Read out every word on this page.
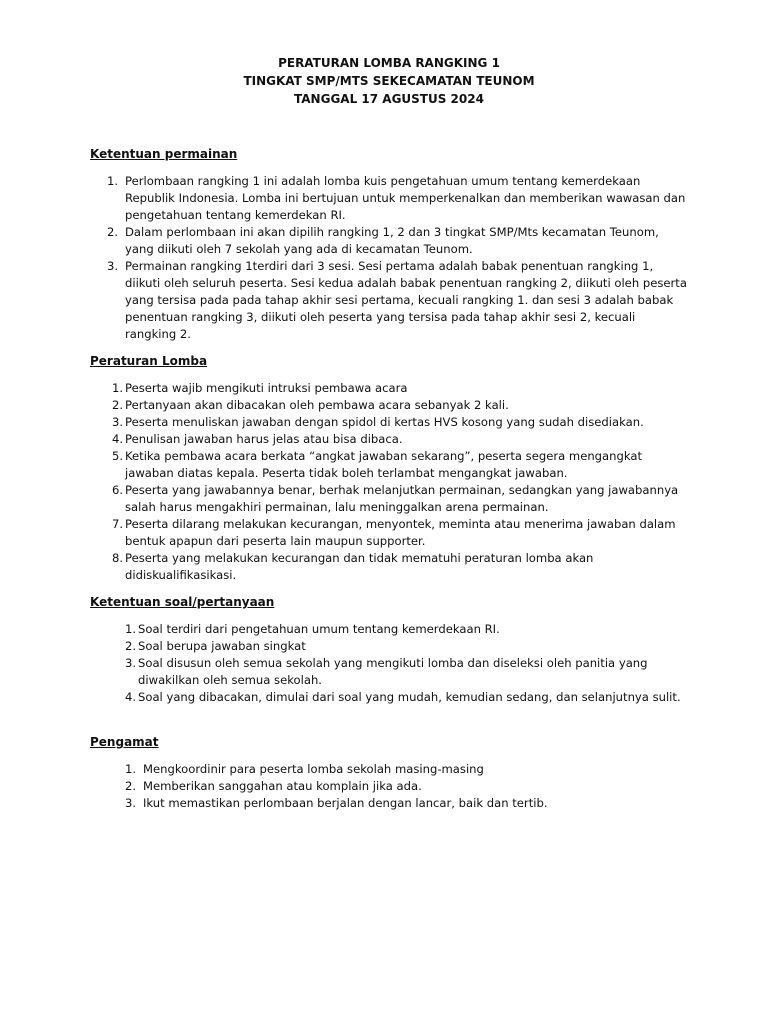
PERATURAN LOMBA RANGKING 1
TINGKAT SMP/MTS SEKECAMATAN TEUNOM
TANGGAL 17 AGUSTUS 2024
Ketentuan permainan
1. Perlombaan rangking 1 ini adalah lomba kuis pengetahuan umum tentang kemerdekaan Republik Indonesia. Lomba ini bertujuan untuk memperkenalkan dan memberikan wawasan dan pengetahuan tentang kemerdekan RI.
2. Dalam perlombaan ini akan dipilih rangking 1, 2 dan 3 tingkat SMP/Mts kecamatan Teunom, yang diikuti oleh 7 sekolah yang ada di kecamatan Teunom.
3. Permainan rangking 1terdiri dari 3 sesi. Sesi pertama adalah babak penentuan rangking 1, diikuti oleh seluruh peserta. Sesi kedua adalah babak penentuan rangking 2, diikuti oleh peserta yang tersisa pada pada tahap akhir sesi pertama, kecuali rangking 1. dan sesi 3 adalah babak penentuan rangking 3, diikuti oleh peserta yang tersisa pada tahap akhir sesi 2, kecuali rangking 2.
Peraturan Lomba
1. Peserta wajib mengikuti intruksi pembawa acara
2. Pertanyaan akan dibacakan oleh pembawa acara sebanyak 2 kali.
3. Peserta menuliskan jawaban dengan spidol di kertas HVS kosong yang sudah disediakan.
4. Penulisan jawaban harus jelas atau bisa dibaca.
5. Ketika pembawa acara berkata “angkat jawaban sekarang”, peserta segera mengangkat jawaban diatas kepala. Peserta tidak boleh terlambat mengangkat jawaban.
6. Peserta yang jawabannya benar, berhak melanjutkan permainan, sedangkan yang jawabannya salah harus mengakhiri permainan, lalu meninggalkan arena permainan.
7. Peserta dilarang melakukan kecurangan, menyontek, meminta atau menerima jawaban dalam bentuk apapun dari peserta lain maupun supporter.
8. Peserta yang melakukan kecurangan dan tidak mematuhi peraturan lomba akan didiskualifikasikasi.
Ketentuan soal/pertanyaan
1. Soal terdiri dari pengetahuan umum tentang kemerdekaan RI.
2. Soal berupa jawaban singkat
3. Soal disusun oleh semua sekolah yang mengikuti lomba dan diseleksi oleh panitia yang diwakilkan oleh semua sekolah.
4. Soal yang dibacakan, dimulai dari soal yang mudah, kemudian sedang, dan selanjutnya sulit.
Pengamat
1. Mengkoordinir para peserta lomba sekolah masing-masing
2. Memberikan sanggahan atau komplain jika ada.
3. Ikut memastikan perlombaan berjalan dengan lancar, baik dan tertib.
